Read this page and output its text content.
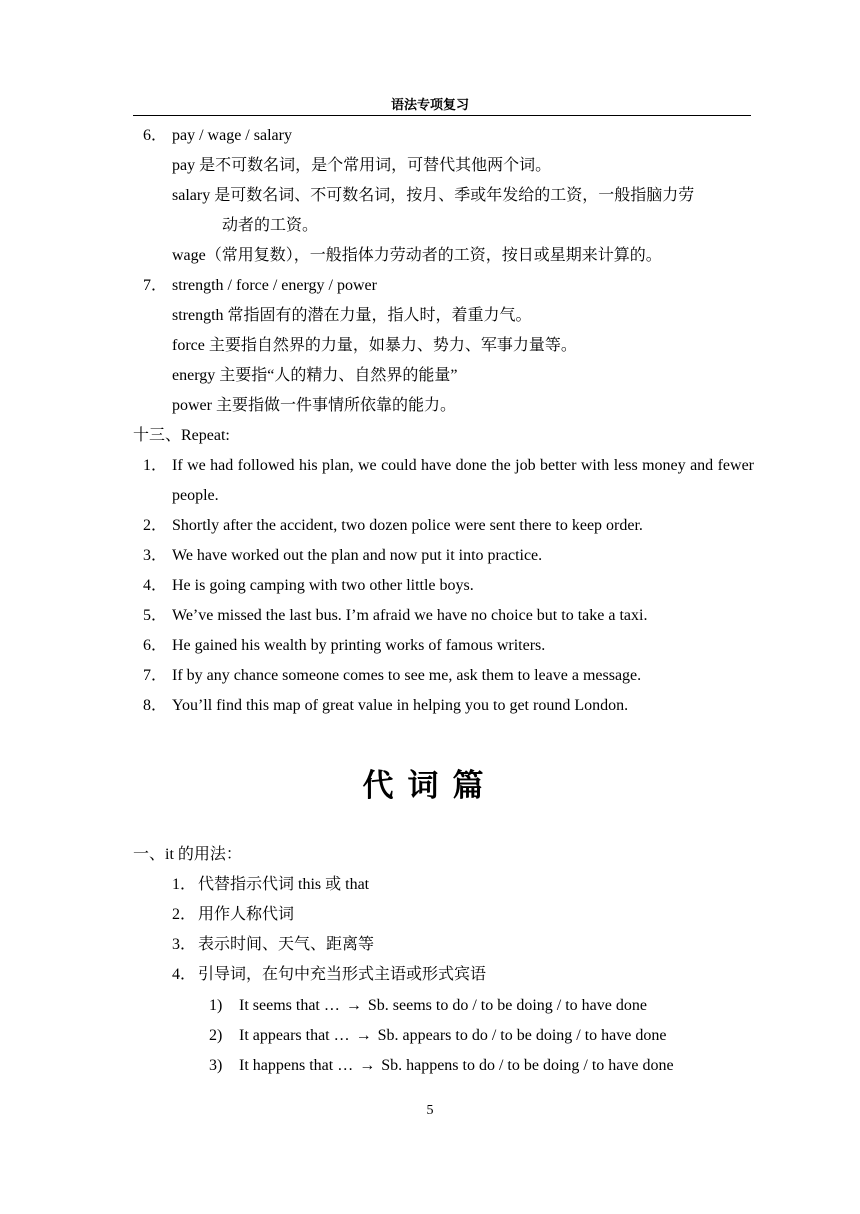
语法专项复习
6． pay / wage / salary
pay 是不可数名词，是个常用词，可替代其他两个词。
salary 是可数名词、不可数名词，按月、季或年发给的工资，一般指脑力劳
动者的工资。
wage（常用复数），一般指体力劳动者的工资，按日或星期来计算的。
7． strength / force / energy / power
strength 常指固有的潜在力量，指人时，着重力气。
force 主要指自然界的力量，如暴力、势力、军事力量等。
energy 主要指“人的精力、自然界的能量”
power 主要指做一件事情所依靠的能力。
十三、Repeat:
1． If we had followed his plan, we could have done the job better with less money and fewer people.
2． Shortly after the accident, two dozen police were sent there to keep order.
3． We have worked out the plan and now put it into practice.
4． He is going camping with two other little boys.
5． We’ve missed the last bus. I’m afraid we have no choice but to take a taxi.
6． He gained his wealth by printing works of famous writers.
7． If by any chance someone comes to see me, ask them to leave a message.
8． You’ll find this map of great value in helping you to get round London.
代词篇
一、it 的用法：
1． 代替指示代词 this 或 that
2． 用作人称代词
3． 表示时间、天气、距离等
4． 引导词，在句中充当形式主语或形式宾语
1) It seems that … → Sb. seems to do / to be doing / to have done
2) It appears that … → Sb. appears to do / to be doing / to have done
3) It happens that … → Sb. happens to do / to be doing / to have done
5
